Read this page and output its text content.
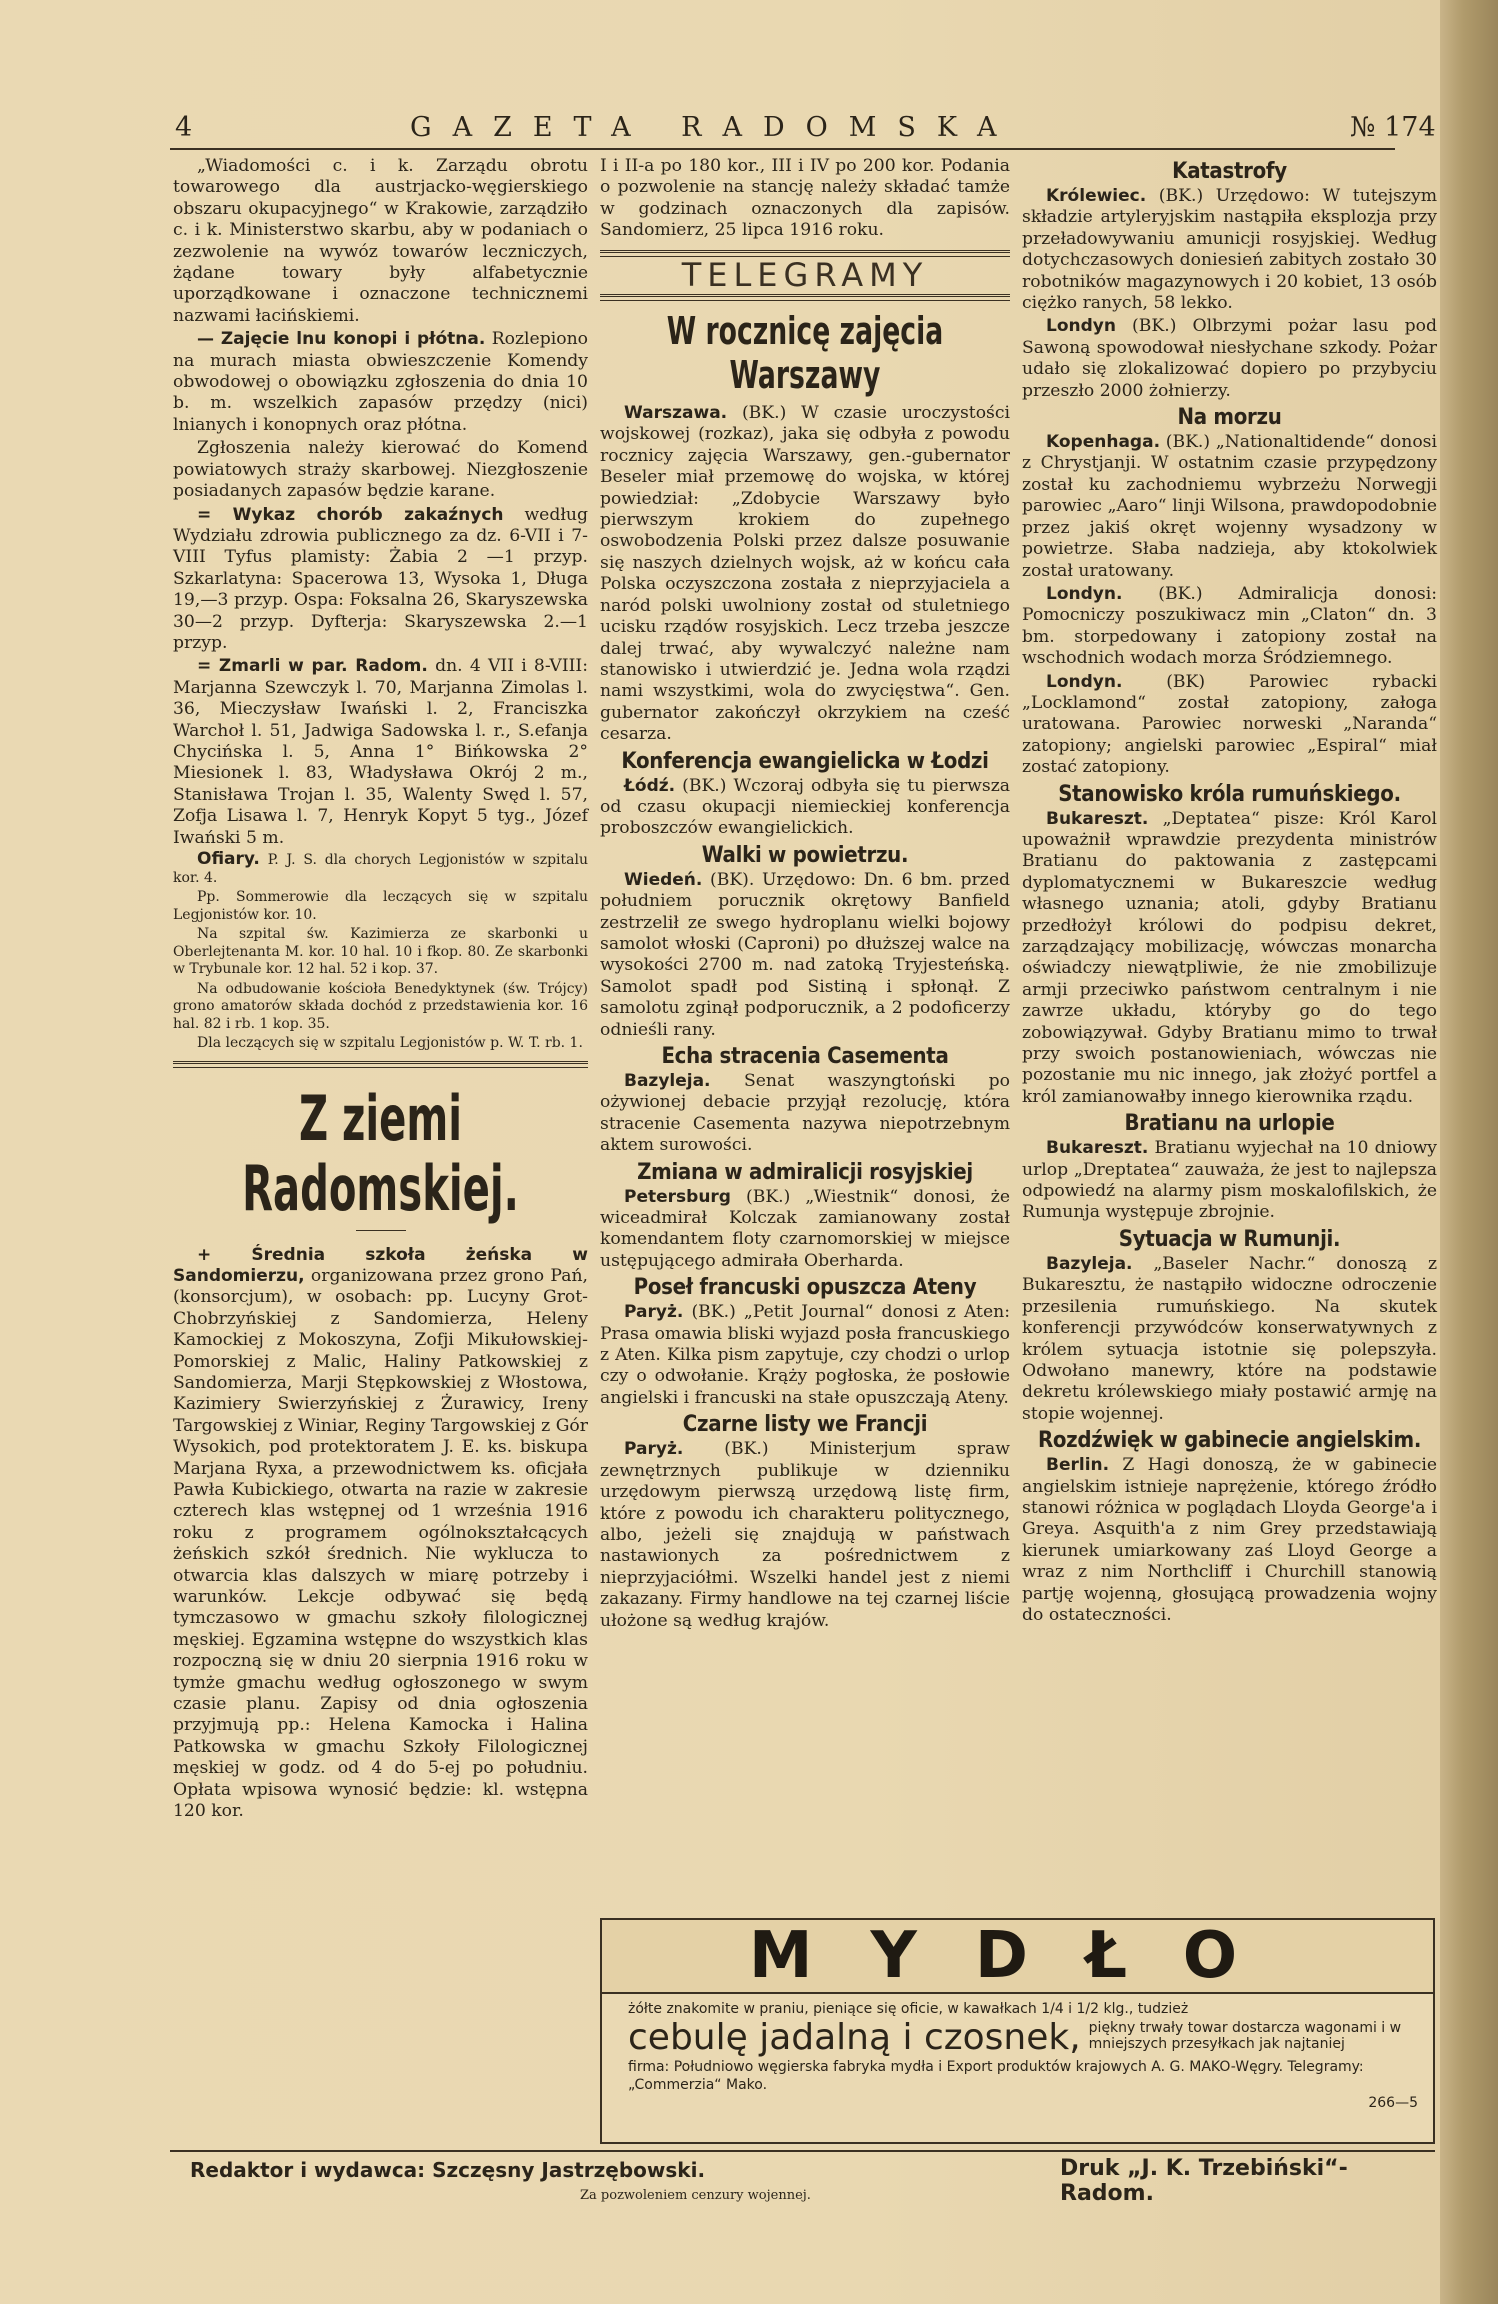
4	GAZETA RADOMSKA	№ 174

„Wiadomości c. i k. Zarządu obrotu towarowego dla austrjacko-węgierskiego obszaru okupacyjnego“ w Krakowie, zarządziło c. i k. Ministerstwo skarbu, aby w podaniach o zezwolenie na wywóz towarów leczniczych, żądane towary były alfabetycznie uporządkowane i oznaczone technicznemi nazwami łacińskiemi.

— Zajęcie lnu konopi i płótna. Rozlepiono na murach miasta obwieszczenie Komendy obwodowej o obowiązku zgłoszenia do dnia 10 b. m. wszelkich zapasów przędzy (nici) lnianych i konopnych oraz płótna.

Zgłoszenia należy kierować do Komend powiatowych straży skarbowej. Niezgłoszenie posiadanych zapasów będzie karane.

= Wykaz chorób zakaźnych według Wydziału zdrowia publicznego za dz. 6-VII i 7-VIII Tyfus plamisty: Żabia 2 —1 przyp. Szkarlatyna: Spacerowa 13, Wysoka 1, Długa 19,—3 przyp. Ospa: Foksalna 26, Skaryszewska 30—2 przyp. Dyfterja: Skaryszewska 2.—1 przyp.

= Zmarli w par. Radom. dn. 4 VII i 8-VIII: Marjanna Szewczyk l. 70, Marjanna Zimolas l. 36, Mieczysław Iwański l. 2, Franciszka Warchoł l. 51, Jadwiga Sadowska l. r., S.efanja Chycińska l. 5, Anna 1° Bińkowska 2° Miesionek l. 83, Władysława Okrój 2 m., Stanisława Trojan l. 35, Walenty Swęd l. 57, Zofja Lisawa l. 7, Henryk Kopyt 5 tyg., Józef Iwański 5 m.

Ofiary. P. J. S. dla chorych Legjonistów w szpitalu kor. 4.

Pp. Sommerowie dla leczących się w szpitalu Legjonistów kor. 10.

Na szpital św. Kazimierza ze skarbonki u Oberlejtenanta M. kor. 10 hal. 10 i fkop. 80. Ze skarbonki w Trybunale kor. 12 hal. 52 i kop. 37.

Na odbudowanie kościoła Benedyktynek (św. Trójcy) grono amatorów składa dochód z przedstawienia kor. 16 hal. 82 i rb. 1 kop. 35.

Dla leczących się w szpitalu Legjonistów p. W. T. rb. 1.

Z ziemi Radomskiej.

+ Średnia szkoła żeńska w Sandomierzu, organizowana przez grono Pań, (konsorcjum), w osobach: pp. Lucyny Grot-Chobrzyńskiej z Sandomierza, Heleny Kamockiej z Mokoszyna, Zofji Mikułowskiej-Pomorskiej z Malic, Haliny Patkowskiej z Sandomierza, Marji Stępkowskiej z Włostowa, Kazimiery Swierzyńskiej z Żurawicy, Ireny Targowskiej z Winiar, Reginy Targowskiej z Gór Wysokich, pod protektoratem J. E. ks. biskupa Marjana Ryxa, a przewodnictwem ks. oficjała Pawła Kubickiego, otwarta na razie w zakresie czterech klas wstępnej od 1 września 1916 roku z programem ogólnokształcących żeńskich szkół średnich. Nie wyklucza to otwarcia klas dalszych w miarę potrzeby i warunków. Lekcje odbywać się będą tymczasowo w gmachu szkoły filologicznej męskiej. Egzamina wstępne do wszystkich klas rozpoczną się w dniu 20 sierpnia 1916 roku w tymże gmachu według ogłoszonego w swym czasie planu. Zapisy od dnia ogłoszenia przyjmują pp.: Helena Kamocka i Halina Patkowska w gmachu Szkoły Filologicznej męskiej w godz. od 4 do 5-ej po południu. Opłata wpisowa wynosić będzie: kl. wstępna 120 kor.

I i II-a po 180 kor., III i IV po 200 kor. Podania o pozwolenie na stancję należy składać tamże w godzinach oznaczonych dla zapisów. Sandomierz, 25 lipca 1916 roku.

TELEGRAMY
W rocznicę zajęcia Warszawy

Warszawa. (BK.) W czasie uroczystości wojskowej (rozkaz), jaka się odbyła z powodu rocznicy zajęcia Warszawy, gen.-gubernator Beseler miał przemowę do wojska, w której powiedział: „Zdobycie Warszawy było pierwszym krokiem do zupełnego oswobodzenia Polski przez dalsze posuwanie się naszych dzielnych wojsk, aż w końcu cała Polska oczyszczona została z nieprzyjaciela a naród polski uwolniony został od stuletniego ucisku rządów rosyjskich. Lecz trzeba jeszcze dalej trwać, aby wywalczyć należne nam stanowisko i utwierdzić je. Jedna wola rządzi nami wszystkimi, wola do zwycięstwa“. Gen. gubernator zakończył okrzykiem na cześć cesarza.

Konferencja ewangielicka w Łodzi

Łódź. (BK.) Wczoraj odbyła się tu pierwsza od czasu okupacji niemieckiej konferencja proboszczów ewangielickich.

Walki w powietrzu.

Wiedeń. (BK). Urzędowo: Dn. 6 bm. przed południem porucznik okrętowy Banfield zestrzelił ze swego hydroplanu wielki bojowy samolot włoski (Caproni) po dłuższej walce na wysokości 2700 m. nad zatoką Tryjesteńską. Samolot spadł pod Sistiną i spłonął. Z samolotu zginął podporucznik, a 2 podoficerzy odnieśli rany.

Echa stracenia Casementa

Bazyleja. Senat waszyngtoński po ożywionej debacie przyjął rezolucję, która stracenie Casementa nazywa niepotrzebnym aktem surowości.

Zmiana w admiralicji rosyjskiej

Petersburg (BK.) „Wiestnik“ donosi, że wiceadmirał Kolczak zamianowany został komendantem floty czarnomorskiej w miejsce ustępującego admirała Oberharda.

Poseł francuski opuszcza Ateny

Paryż. (BK.) „Petit Journal“ donosi z Aten: Prasa omawia bliski wyjazd posła francuskiego z Aten. Kilka pism zapytuje, czy chodzi o urlop czy o odwołanie. Krąży pogłoska, że posłowie angielski i francuski na stałe opuszczają Ateny.

Czarne listy we Francji

Paryż. (BK.) Ministerjum spraw zewnętrznych publikuje w dzienniku urzędowym pierwszą urzędową listę firm, które z powodu ich charakteru politycznego, albo, jeżeli się znajdują w państwach nastawionych za pośrednictwem z nieprzyjaciółmi. Wszelki handel jest z niemi zakazany. Firmy handlowe na tej czarnej liście ułożone są według krajów.

Katastrofy

Królewiec. (BK.) Urzędowo: W tutejszym składzie artyleryjskim nastąpiła eksplozja przy przeładowywaniu amunicji rosyjskiej. Według dotychczasowych doniesień zabitych zostało 30 robotników magazynowych i 20 kobiet, 13 osób ciężko ranych, 58 lekko.

Londyn (BK.) Olbrzymi pożar lasu pod Sawoną spowodował niesłychane szkody. Pożar udało się zlokalizować dopiero po przybyciu przeszło 2000 żołnierzy.

Na morzu

Kopenhaga. (BK.) „Nationaltidende“ donosi z Chrystjanji. W ostatnim czasie przypędzony został ku zachodniemu wybrzeżu Norwegji parowiec „Aaro“ linji Wilsona, prawdopodobnie przez jakiś okręt wojenny wysadzony w powietrze. Słaba nadzieja, aby ktokolwiek został uratowany.

Londyn. (BK.) Admiralicja donosi: Pomocniczy poszukiwacz min „Claton“ dn. 3 bm. storpedowany i zatopiony został na wschodnich wodach morza Śródziemnego.

Londyn. (BK) Parowiec rybacki „Locklamond“ został zatopiony, załoga uratowana. Parowiec norweski „Naranda“ zatopiony; angielski parowiec „Espiral“ miał zostać zatopiony.

Stanowisko króla rumuńskiego.

Bukareszt. „Deptatea“ pisze: Król Karol upoważnił wprawdzie prezydenta ministrów Bratianu do paktowania z zastępcami dyplomatycznemi w Bukareszcie według własnego uznania; atoli, gdyby Bratianu przedłożył królowi do podpisu dekret, zarządzający mobilizację, wówczas monarcha oświadczy niewątpliwie, że nie zmobilizuje armji przeciwko państwom centralnym i nie zawrze układu, któryby go do tego zobowiązywał. Gdyby Bratianu mimo to trwał przy swoich postanowieniach, wówczas nie pozostanie mu nic innego, jak złożyć portfel a król zamianowałby innego kierownika rządu.

Bratianu na urlopie

Bukareszt. Bratianu wyjechał na 10 dniowy urlop „Dreptatea“ zauważa, że jest to najlepsza odpowiedź na alarmy pism moskalofilskich, że Rumunja występuje zbrojnie.

Sytuacja w Rumunji.

Bazyleja. „Baseler Nachr.“ donoszą z Bukaresztu, że nastąpiło widoczne odroczenie przesilenia rumuńskiego. Na skutek konferencji przywódców konserwatywnych z królem sytuacja istotnie się polepszyła. Odwołano manewry, które na podstawie dekretu królewskiego miały postawić armję na stopie wojennej.

Rozdźwięk w gabinecie angielskim.

Berlin. Z Hagi donoszą, że w gabinecie angielskim istnieje naprężenie, którego źródło stanowi różnica w poglądach Lloyda George'a i Greya. Asquith'a z nim Grey przedstawiają kierunek umiarkowany zaś Lloyd George a wraz z nim Northcliff i Churchill stanowią partję wojenną, głosującą prowadzenia wojny do ostateczności.

MYDŁO
żółte znakomite w praniu, pieniące się oficie, w kawałkach 1/4 i 1/2 klg., tudzież
cebulę jadalną i czosnek, piękny trwały towar dostarcza wagonami i w mniejszych przesyłkach jak najtaniej
firma: Południowo węgierska fabryka mydła i Export produktów krajowych A. G. MAKO-Węgry. Telegramy: „Commerzia“ Mako.
266—5
Redaktor i wydawca: Szczęsny Jastrzębowski.	Druk „J. K. Trzebiński“-Radom.
Za pozwoleniem cenzury wojennej.
